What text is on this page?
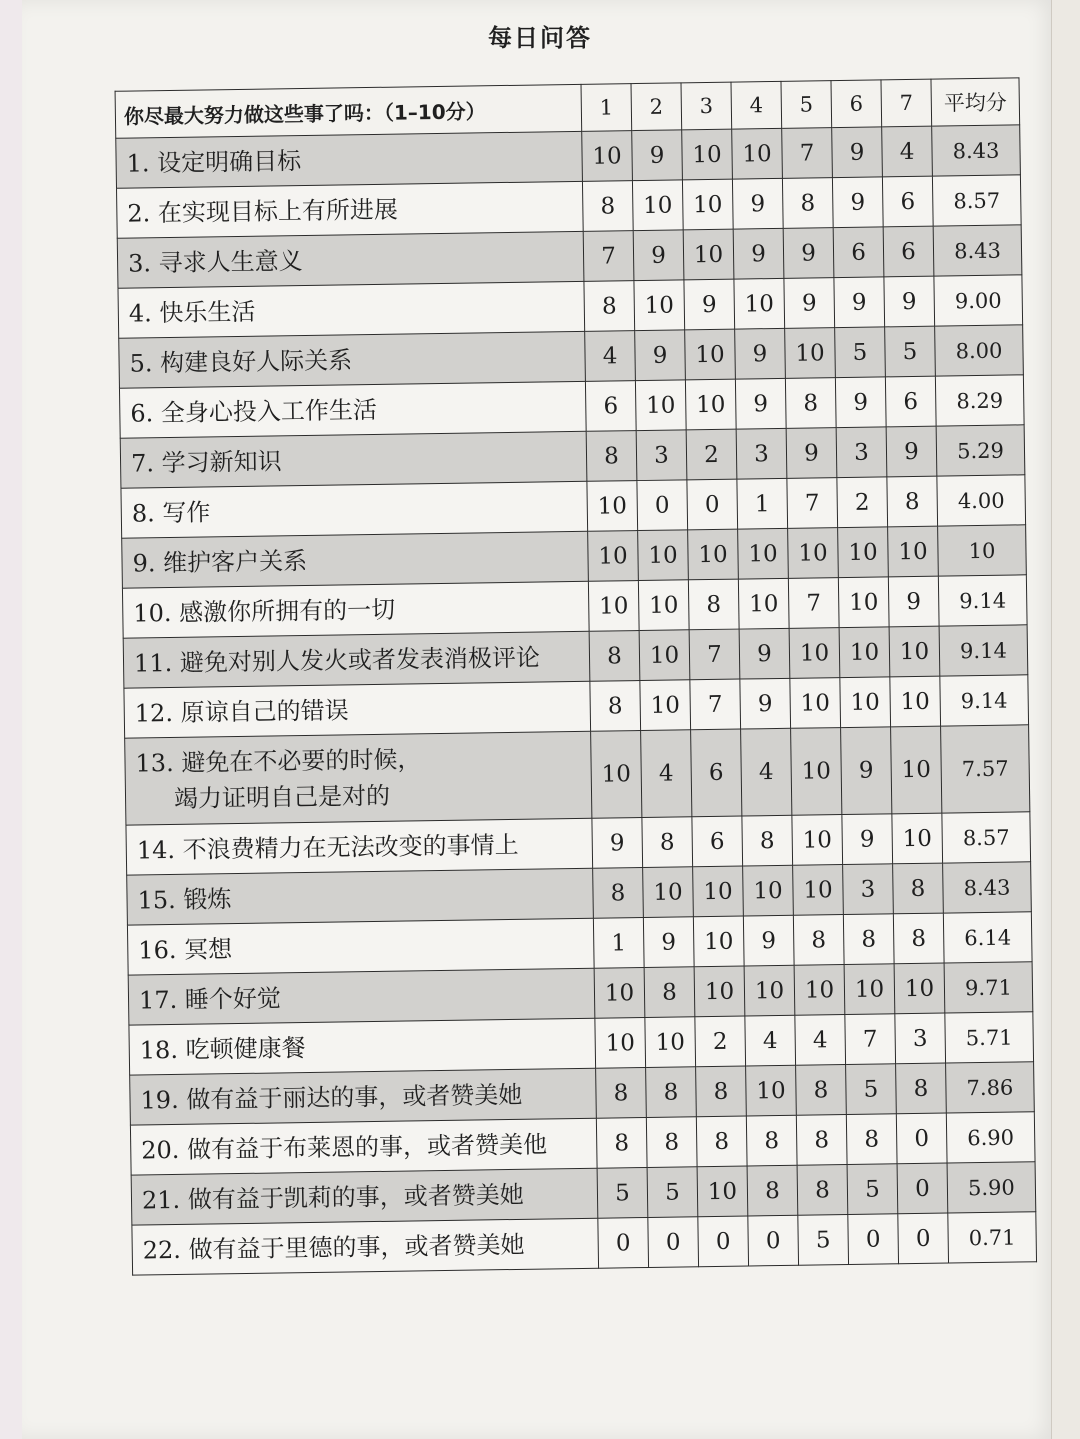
每日问答
你尽最大努力做这些事了吗：（1–10分）	1	2	3	4	5	6	7	平均分

1. 设定明确目标	10	9	10	10	7	9	4	8.43

2. 在实现目标上有所进展	8	10	10	9	8	9	6	8.57

3. 寻求人生意义	7	9	10	9	9	6	6	8.43

4. 快乐生活	8	10	9	10	9	9	9	9.00

5. 构建良好人际关系	4	9	10	9	10	5	5	8.00

6. 全身心投入工作生活	6	10	10	9	8	9	6	8.29

7. 学习新知识	8	3	2	3	9	3	9	5.29

8. 写作	10	0	0	1	7	2	8	4.00

9. 维护客户关系	10	10	10	10	10	10	10	10

10. 感激你所拥有的一切	10	10	8	10	7	10	9	9.14

11. 避免对别人发火或者发表消极评论	8	10	7	9	10	10	10	9.14

12. 原谅自己的错误	8	10	7	9	10	10	10	9.14

13. 避免在不必要的时候，
竭力证明自己是对的	10	4	6	4	10	9	10	7.57

14. 不浪费精力在无法改变的事情上	9	8	6	8	10	9	10	8.57

15. 锻炼	8	10	10	10	10	3	8	8.43

16. 冥想	1	9	10	9	8	8	8	6.14

17. 睡个好觉	10	8	10	10	10	10	10	9.71

18. 吃顿健康餐	10	10	2	4	4	7	3	5.71

19. 做有益于丽达的事，或者赞美她	8	8	8	10	8	5	8	7.86

20. 做有益于布莱恩的事，或者赞美他	8	8	8	8	8	8	0	6.90

21. 做有益于凯莉的事，或者赞美她	5	5	10	8	8	5	0	5.90

22. 做有益于里德的事，或者赞美她	0	0	0	0	5	0	0	0.71
